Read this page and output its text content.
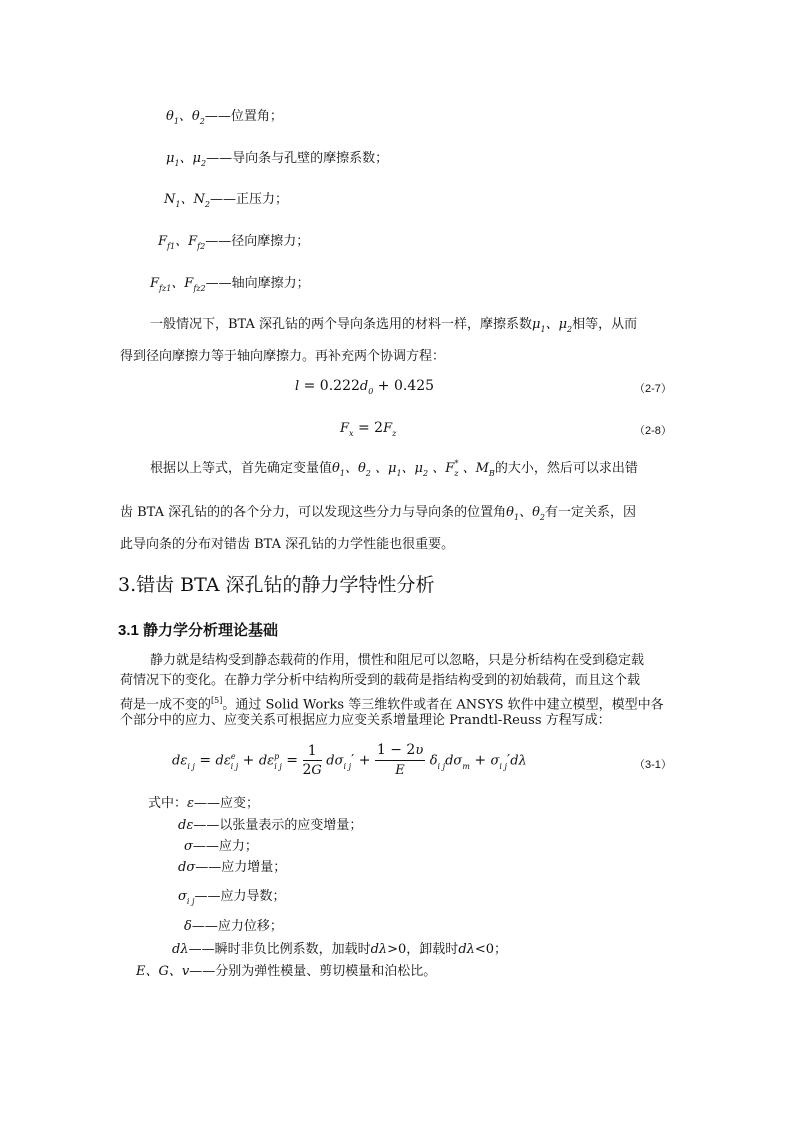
$\theta_1$、$\theta_2——$位置角；
$\mu_1$、$\mu_2——$导向条与孔壁的摩擦系数；
$N_1$、$N_2——$正压力；
$F_{f1}$、$F_{f2}——$径向摩擦力；
$F_{fz1}$、$F_{fz2}——$轴向摩擦力；
一般情况下，BTA 深孔钻的两个导向条选用的材料一样，摩擦系数$\mu_1$、$\mu_2$相等，从而
得到径向摩擦力等于轴向摩擦力。再补充两个协调方程：
$l = 0.222d_0 + 0.425$	（2-7）
$F_x = 2F_z$	（2-8）
根据以上等式，首先确定变量值$\theta_1$、$\theta_2$ 、$\mu_1$、$\mu_2$ 、$F_z^*$ 、$M_B$的大小，然后可以求出错
齿 BTA 深孔钻的的各个分力，可以发现这些分力与导向条的位置角$\theta_1$、$\theta_2$有一定关系，因
此导向条的分布对错齿 BTA 深孔钻的力学性能也很重要。
3.错齿 BTA 深孔钻的静力学特性分析
3.1 静力学分析理论基础
静力就是结构受到静态载荷的作用，惯性和阻尼可以忽略，只是分析结构在受到稳定载
荷情况下的变化。在静力学分析中结构所受到的载荷是指结构受到的初始载荷，而且这个载
荷是一成不变的[5]。通过 Solid Works 等三维软件或者在 ANSYS 软件中建立模型，模型中各
个部分中的应力、应变关系可根据应力应变关系增量理论 Prandtl-Reuss 方程写成：
$d\varepsilon_{i j} = d\varepsilon^e_{i j} + d\varepsilon^p_{i j} = \frac{1}{2G} d\sigma_{i j}' + \frac{1 - 2\upsilon}{E} \delta_{i j}d\sigma_m + \sigma_{i j}'d\lambda$	（3-1）
式中：ε——应变；
dε——以张量表示的应变增量；
σ——应力；
dσ——应力增量；
$\sigma_{i j}——$应力导数；
δ——应力位移；
dλ——瞬时非负比例系数，加载时dλ>0，卸载时dλ<0；
E、G、v——分别为弹性模量、剪切模量和泊松比。
